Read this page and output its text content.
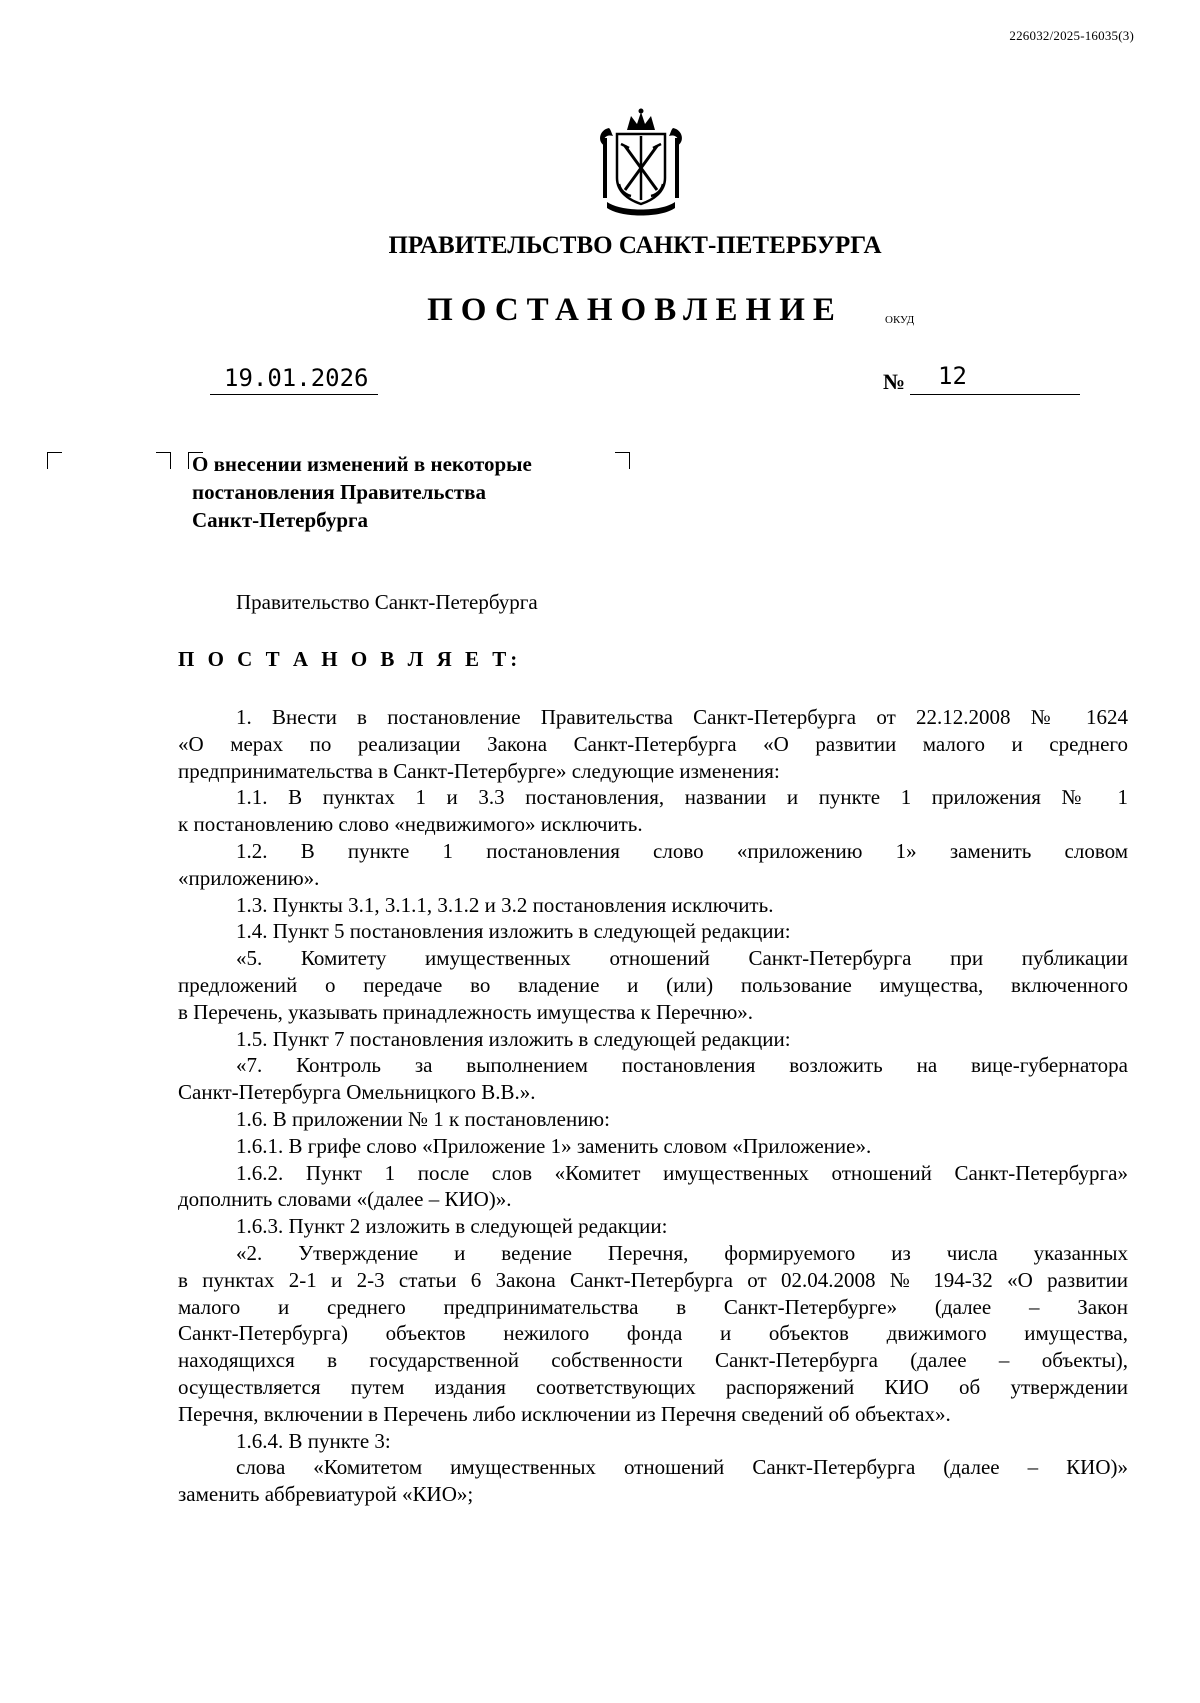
226032/2025-16035(3)
ПРАВИТЕЛЬСТВО САНКТ-ПЕТЕРБУРГА
ПОСТАНОВЛЕНИЕ	ОКУД
19.01.2026	№ 12
О внесении изменений в некоторые
постановления Правительства
Санкт-Петербурга
Правительство Санкт-Петербурга
П О С Т А Н О В Л Я Е Т:
1. Внести в постановление Правительства Санкт-Петербурга от 22.12.2008 № 1624
«О мерах по реализации Закона Санкт-Петербурга «О развитии малого и среднего
предпринимательства в Санкт-Петербурге» следующие изменения:
1.1. В пунктах 1 и 3.3 постановления, названии и пункте 1 приложения № 1
к постановлению слово «недвижимого» исключить.
1.2. В пункте 1 постановления слово «приложению 1» заменить словом
«приложению».
1.3. Пункты 3.1, 3.1.1, 3.1.2 и 3.2 постановления исключить.
1.4. Пункт 5 постановления изложить в следующей редакции:
«5. Комитету имущественных отношений Санкт-Петербурга при публикации
предложений о передаче во владение и (или) пользование имущества, включенного
в Перечень, указывать принадлежность имущества к Перечню».
1.5. Пункт 7 постановления изложить в следующей редакции:
«7. Контроль за выполнением постановления возложить на вице-губернатора
Санкт-Петербурга Омельницкого В.В.».
1.6. В приложении № 1 к постановлению:
1.6.1. В грифе слово «Приложение 1» заменить словом «Приложение».
1.6.2. Пункт 1 после слов «Комитет имущественных отношений Санкт-Петербурга»
дополнить словами «(далее – КИО)».
1.6.3. Пункт 2 изложить в следующей редакции:
«2. Утверждение и ведение Перечня, формируемого из числа указанных
в пунктах 2-1 и 2-3 статьи 6 Закона Санкт-Петербурга от 02.04.2008 № 194-32 «О развитии
малого и среднего предпринимательства в Санкт-Петербурге» (далее – Закон
Санкт-Петербурга) объектов нежилого фонда и объектов движимого имущества,
находящихся в государственной собственности Санкт-Петербурга (далее – объекты),
осуществляется путем издания соответствующих распоряжений КИО об утверждении
Перечня, включении в Перечень либо исключении из Перечня сведений об объектах».
1.6.4. В пункте 3:
слова «Комитетом имущественных отношений Санкт-Петербурга (далее – КИО)»
заменить аббревиатурой «КИО»;
